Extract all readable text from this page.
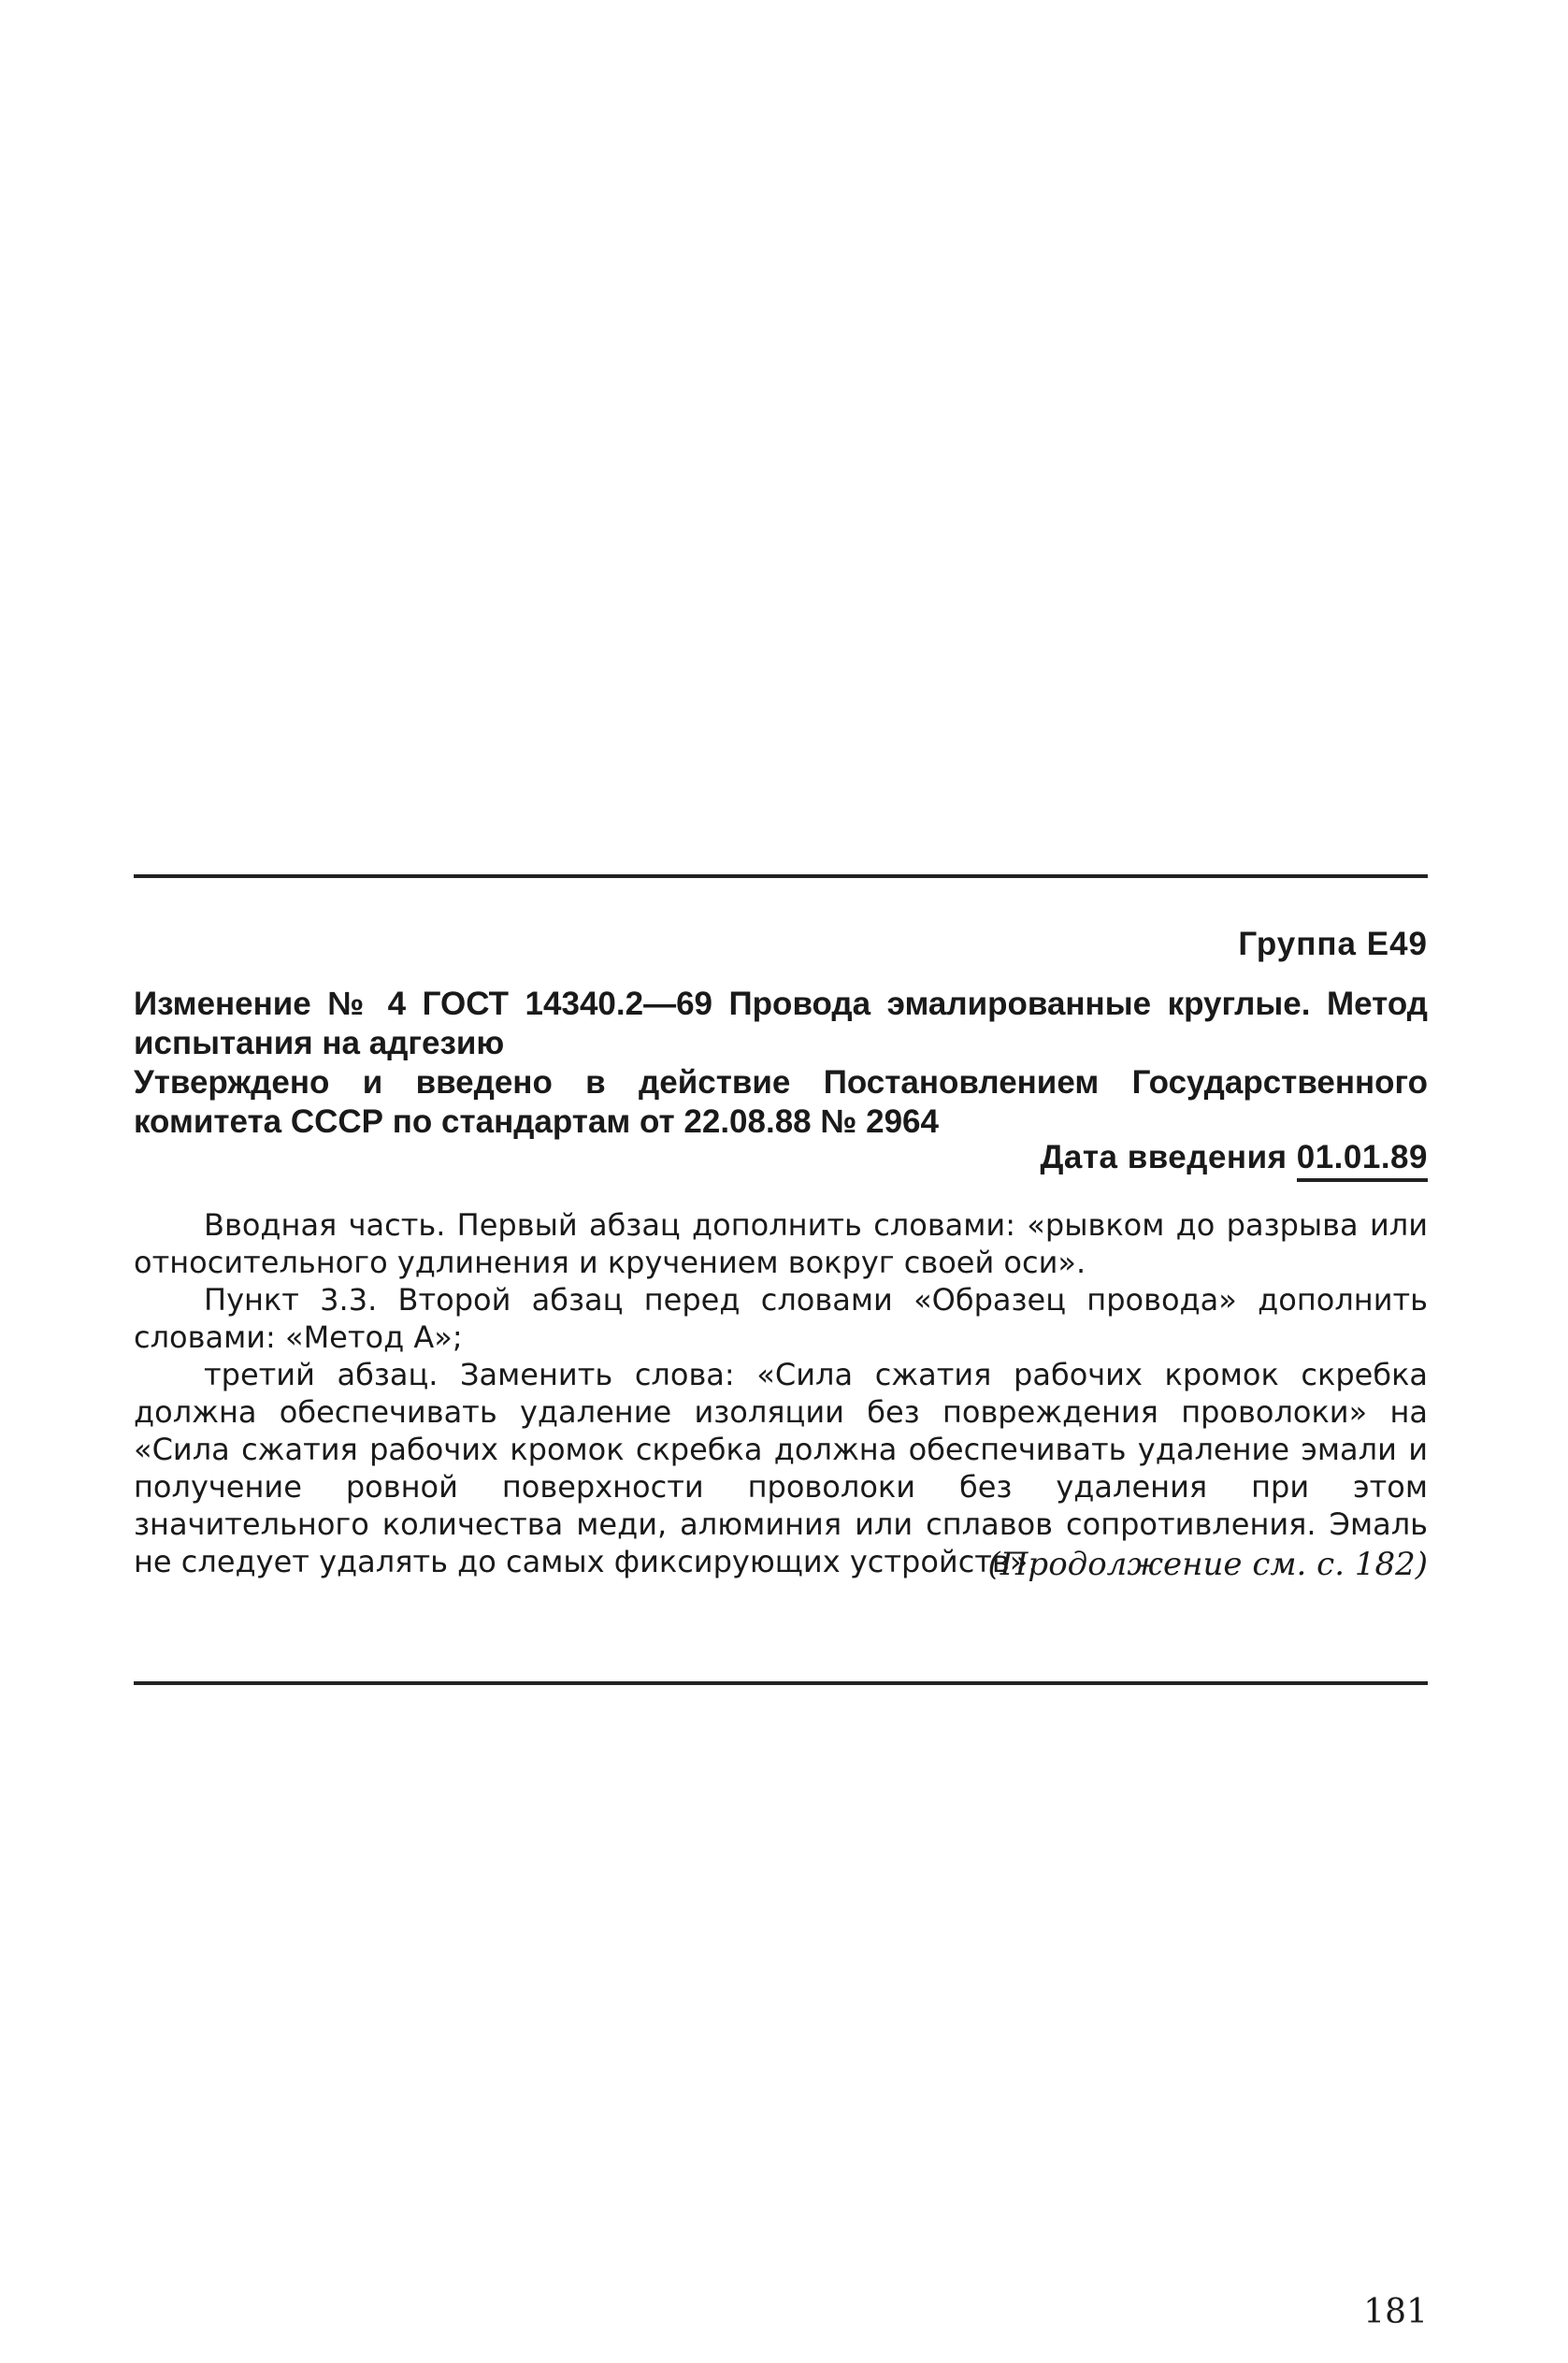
Группа Е49
Изменение № 4 ГОСТ 14340.2—69 Провода эмалированные круглые. Метод испытания на адгезию
Утверждено и введено в действие Постановлением Государственного комитета СССР по стандартам от 22.08.88 № 2964
Дата введения 01.01.89

Вводная часть. Первый абзац дополнить словами: «рывком до разрыва или относительного удлинения и кручением вокруг своей оси».

Пункт 3.3. Второй абзац перед словами «Образец провода» дополнить словами: «Метод А»;

третий абзац. Заменить слова: «Сила сжатия рабочих кромок скребка должна обеспечивать удаление изоляции без повреждения проволоки» на «Сила сжатия рабочих кромок скребка должна обеспечивать удаление эмали и получение ровной поверхности проволоки без удаления при этом значительного количества меди, алюминия или сплавов сопротивления. Эмаль не следует удалять до самых фиксирующих устройств».

(Продолжение см. с. 182)
181
